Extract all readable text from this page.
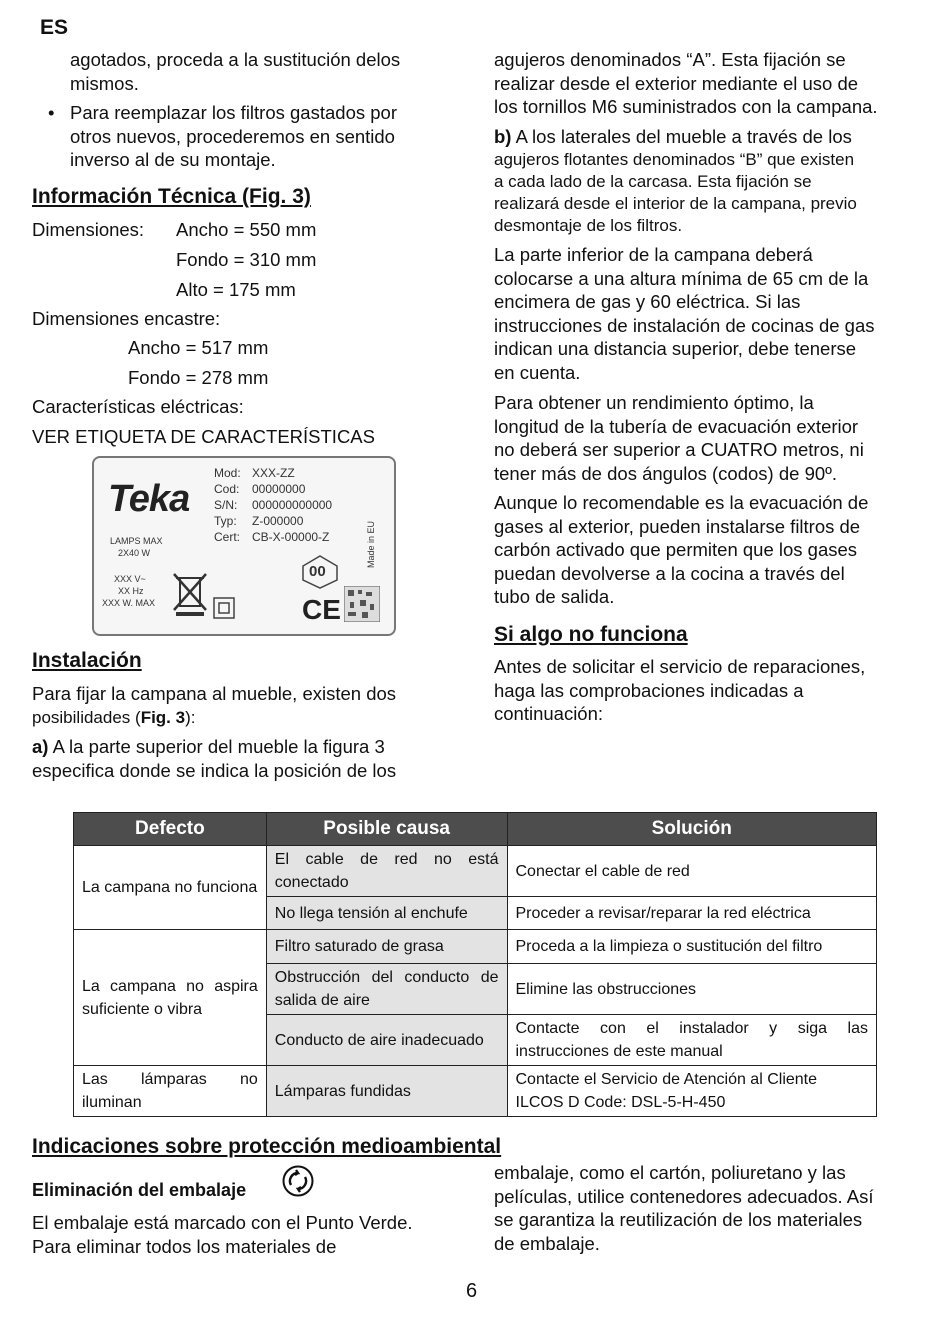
ES
agotados, proceda a la sustitución delos
mismos.
• Para reemplazar los filtros gastados por
otros nuevos, procederemos en sentido
inverso al de su montaje.
Información Técnica (Fig. 3)
Dimensiones: Ancho = 550 mm
Fondo = 310 mm
Alto = 175 mm
Dimensiones encastre:
Ancho = 517 mm
Fondo = 278 mm
Características eléctricas:
VER ETIQUETA DE CARACTERÍSTICAS
Teka
Mod: XXX-ZZ
Cod: 00000000
S/N: 000000000000
Typ: Z-000000
Cert: CB-X-00000-Z
LAMPS MAX
2X40 W
XXX V~
XX Hz
XXX W. MAX
Made in EU
00
CE
Instalación
Para fijar la campana al mueble, existen dos
posibilidades (Fig. 3):
a) A la parte superior del mueble la figura 3
especifica donde se indica la posición de los
agujeros denominados “A”. Esta fijación se
realizar desde el exterior mediante el uso de
los tornillos M6 suministrados con la campana.
b) A los laterales del mueble a través de los
agujeros flotantes denominados “B” que existen
a cada lado de la carcasa. Esta fijación se
realizará desde el interior de la campana, previo
desmontaje de los filtros.
La parte inferior de la campana deberá
colocarse a una altura mínima de 65 cm de la
encimera de gas y 60 eléctrica. Si las
instrucciones de instalación de cocinas de gas
indican una distancia superior, debe tenerse
en cuenta.
Para obtener un rendimiento óptimo, la
longitud de la tubería de evacuación exterior
no deberá ser superior a CUATRO metros, ni
tener más de dos ángulos (codos) de 90º.
Aunque lo recomendable es la evacuación de
gases al exterior, pueden instalarse filtros de
carbón activado que permiten que los gases
puedan devolverse a la cocina a través del
tubo de salida.
Si algo no funciona
Antes de solicitar el servicio de reparaciones,
haga las comprobaciones indicadas a
continuación:
Defecto	Posible causa	Solución
La campana no funciona	El cable de red no está conectado	Conectar el cable de red
	No llega tensión al enchufe	Proceder a revisar/reparar la red eléctrica
La campana no aspira suficiente o vibra	Filtro saturado de grasa	Proceda a la limpieza o sustitución del filtro
	Obstrucción del conducto de salida de aire	Elimine las obstrucciones
	Conducto de aire inadecuado	Contacte con el instalador y siga las instrucciones de este manual
Las lámparas no iluminan	Lámparas fundidas	Contacte el Servicio de Atención al Cliente
ILCOS D Code: DSL-5-H-450
Indicaciones sobre protección medioambiental
Eliminación del embalaje
El embalaje está marcado con el Punto Verde.
Para eliminar todos los materiales de
embalaje, como el cartón, poliuretano y las
películas, utilice contenedores adecuados. Así
se garantiza la reutilización de los materiales
de embalaje.
6
